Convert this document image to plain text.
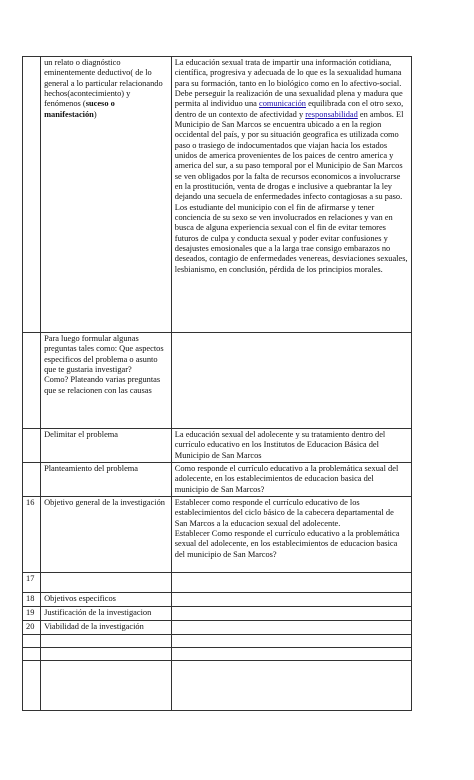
	un relato o diagnóstico eminentemente deductivo( de lo general a lo particular relacionando hechos(acontecimiento) y fenómenos (suceso o manifestación)	La educación sexual trata de impartir una información cotidiana, científica, progresiva y adecuada de lo que es la sexualidad humana para su formación, tanto en lo biológico como en lo afectivo-social. Debe perseguir la realización de una sexualidad plena y madura que permita al individuo una comunicación equilibrada con el otro sexo, dentro de un contexto de afectividad y responsabilidad en ambos. El Municipio de San Marcos se encuentra ubicado a en la region occidental del país, y por su situación geografica es utilizada como paso o trasiego de indocumentados que viajan hacia los estados unidos de america provenientes de los paices de centro america y america del sur, a su paso temporal por el Municipio de San Marcos se ven obligados por la falta de recursos economicos a involucrarse en la prostitución, venta de drogas e inclusive a quebrantar la ley dejando una secuela de enfermedades infecto contagiosas a su paso. Los estudiante del municipio con el fin de afirmarse y tener conciencia de su sexo se ven involucrados en relaciones y van en busca de alguna experiencia sexual con el fin de evitar temores futuros de culpa y conducta sexual y poder evitar confusiones y desajustes emosionales que a la larga trae consigo embarazos no deseados, contagio de enfermedades venereas, desviaciones sexuales, lesbianismo, en conclusión, pérdida de los principios morales.
	Para luego formular algunas preguntas tales como: Que aspectos especificos del problema o asunto que te gustaria investigar?
Como? Plateando varias preguntas que se relacionen con las causas	
	Delimitar el problema	La educación sexual del adolecente y su tratamiento dentro del currículo educativo en los Institutos de Educacion Básica del Municipio de San Marcos
	Planteamiento del problema	Como responde el currículo educativo a la problemática sexual del adolecente, en los establecimientos de educacion basica del municipio de San Marcos?
16	Objetivo general de la investigación	Establecer como responde el currículo educativo de los establecimientos del ciclo básico de la cabecera departamental de San Marcos a la educacion sexual del adolecente.
Establecer Como responde el currículo educativo a la problemática sexual del adolecente, en los establecimientos de educacion basica del municipio de San Marcos?
17		
18	Objetivos especificos	
19	Justificación de la investigacion	
20	Viabilidad de la investigación	
